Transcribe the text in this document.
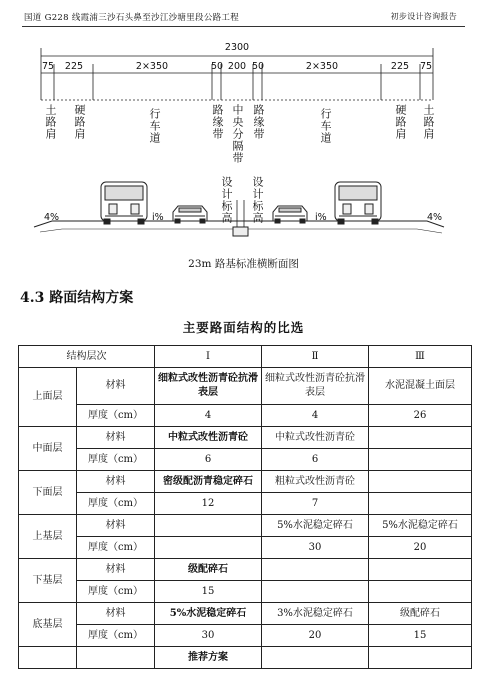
国道 G228 线霞浦三沙石头鼻至沙江沙塘里段公路工程	初步设计咨询报告
2300
75 225	2×350	50 200 50	2×350	225 75
土路肩 硬路肩	行车道	路缘带 中央分隔带 路缘带	行车道	硬路肩 土路肩
设计标高 设计标高
4%	i%	i%	4%
23m 路基标准横断面图
4.3 路面结构方案
主要路面结构的比选
结构层次		Ⅰ	Ⅱ	Ⅲ
上面层	材料	细粒式改性沥青砼抗滑表层	细粒式改性沥青砼抗滑表层	水泥混凝土面层
	厚度（cm）	4	4	26
中面层	材料	中粒式改性沥青砼	中粒式改性沥青砼	
	厚度（cm）	6	6	
下面层	材料	密级配沥青稳定碎石	粗粒式改性沥青砼	
	厚度（cm）	12	7	
上基层	材料		5%水泥稳定碎石	5%水泥稳定碎石
	厚度（cm）		30	20
下基层	材料	级配碎石		
	厚度（cm）	15		
底基层	材料	5%水泥稳定碎石	3%水泥稳定碎石	级配碎石
	厚度（cm）	30	20	15
		推荐方案		
